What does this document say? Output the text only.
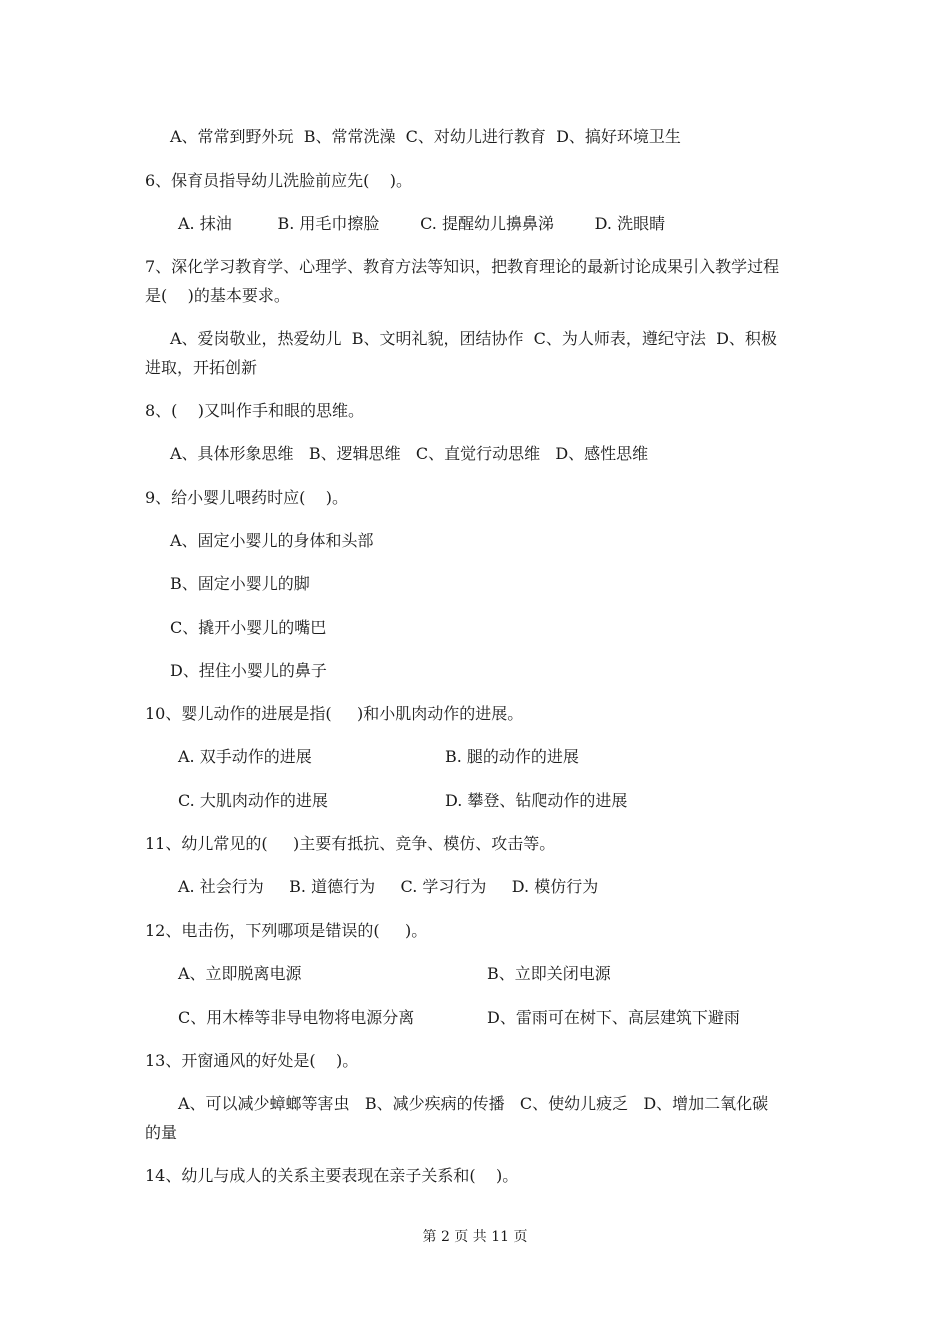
A、常常到野外玩  B、常常洗澡  C、对幼儿进行教育  D、搞好环境卫生
6、保育员指导幼儿洗脸前应先(    )。
A. 抹油         B. 用毛巾擦脸        C. 提醒幼儿擤鼻涕        D. 洗眼睛
7、深化学习教育学、心理学、教育方法等知识，把教育理论的最新讨论成果引入教学过程
是(    )的基本要求。
A、爱岗敬业，热爱幼儿  B、文明礼貌，团结协作  C、为人师表，遵纪守法  D、积极
进取，开拓创新
8、(    )又叫作手和眼的思维。
A、具体形象思维   B、逻辑思维   C、直觉行动思维   D、感性思维
9、给小婴儿喂药时应(    )。
A、固定小婴儿的身体和头部
B、固定小婴儿的脚
C、撬开小婴儿的嘴巴
D、捏住小婴儿的鼻子
10、婴儿动作的进展是指(     )和小肌肉动作的进展。
A. 双手动作的进展	B. 腿的动作的进展
C. 大肌肉动作的进展	D. 攀登、钻爬动作的进展
11、幼儿常见的(     )主要有抵抗、竞争、模仿、攻击等。
A. 社会行为     B. 道德行为     C. 学习行为     D. 模仿行为
12、电击伤，下列哪项是错误的(     )。
A、立即脱离电源	B、立即关闭电源
C、用木棒等非导电物将电源分离	D、雷雨可在树下、高层建筑下避雨
13、开窗通风的好处是(    )。
A、可以减少蟑螂等害虫   B、减少疾病的传播   C、使幼儿疲乏   D、增加二氧化碳
的量
14、幼儿与成人的关系主要表现在亲子关系和(    )。
第 2 页 共 11 页
